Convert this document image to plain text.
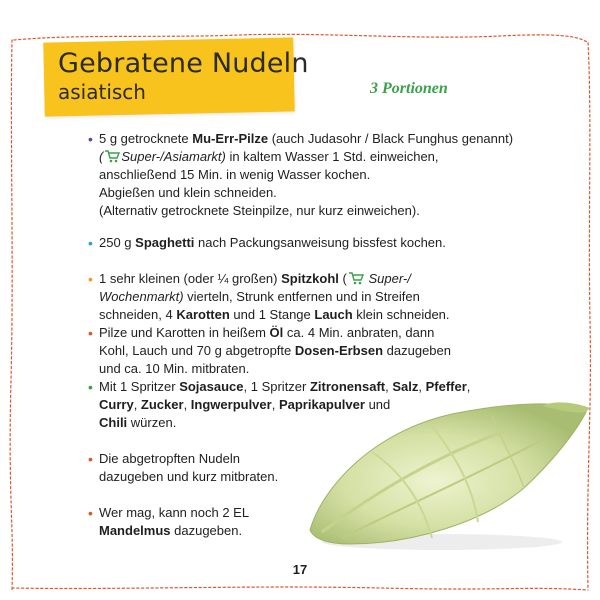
Gebratene Nudeln
asiatisch	3 Portionen
• 5 g getrocknete Mu-Err-Pilze (auch Judasohr / Black Funghus genannt)
( Super-/Asiamarkt) in kaltem Wasser 1 Std. einweichen,
anschließend 15 Min. in wenig Wasser kochen.
Abgießen und klein schneiden.
(Alternativ getrocknete Steinpilze, nur kurz einweichen).
• 250 g Spaghetti nach Packungsanweisung bissfest kochen.
• 1 sehr kleinen (oder ¼ großen) Spitzkohl ( Super-/
Wochenmarkt) vierteln, Strunk entfernen und in Streifen
schneiden, 4 Karotten und 1 Stange Lauch klein schneiden.
• Pilze und Karotten in heißem Öl ca. 4 Min. anbraten, dann
Kohl, Lauch und 70 g abgetropfte Dosen-Erbsen dazugeben
und ca. 10 Min. mitbraten.
• Mit 1 Spritzer Sojasauce, 1 Spritzer Zitronensaft, Salz, Pfeffer,
Curry, Zucker, Ingwerpulver, Paprikapulver und
Chili würzen.
• Die abgetropften Nudeln
dazugeben und kurz mitbraten.
• Wer mag, kann noch 2 EL
Mandelmus dazugeben.
17
